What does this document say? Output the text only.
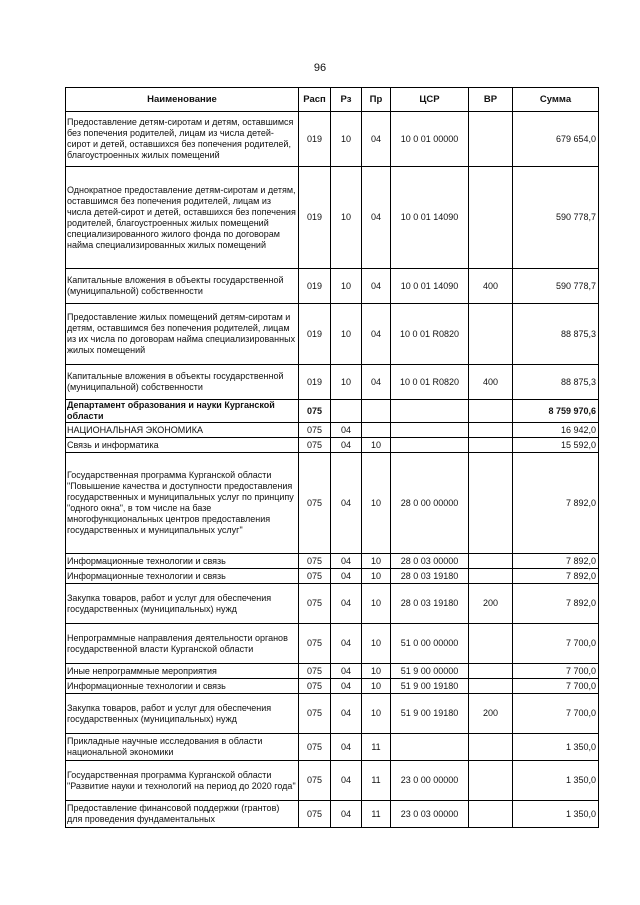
96
Наименование	Расп	Рз	Пр	ЦСР	ВР	Сумма
Предоставление детям-сиротам и детям, оставшимся без попечения родителей, лицам из числа детей-сирот и детей, оставшихся без попечения родителей, благоустроенных жилых помещений	019	10	04	10 0 01 00000		679 654,0
Однократное предоставление детям-сиротам и детям, оставшимся без попечения родителей, лицам из числа детей-сирот и детей, оставшихся без попечения родителей, благоустроенных жилых помещений специализированного жилого фонда по договорам найма специализированных жилых помещений	019	10	04	10 0 01 14090		590 778,7
Капитальные вложения в объекты государственной (муниципальной) собственности	019	10	04	10 0 01 14090	400	590 778,7
Предоставление жилых помещений детям-сиротам и детям, оставшимся без попечения родителей, лицам из их числа по договорам найма специализированных жилых помещений	019	10	04	10 0 01 R0820		88 875,3
Капитальные вложения в объекты государственной (муниципальной) собственности	019	10	04	10 0 01 R0820	400	88 875,3
Департамент образования и науки Курганской области	075					8 759 970,6
НАЦИОНАЛЬНАЯ ЭКОНОМИКА	075	04				16 942,0
Связь и информатика	075	04	10			15 592,0
Государственная программа Курганской области "Повышение качества и доступности предоставления государственных и муниципальных услуг по принципу "одного окна", в том числе на базе многофункциональных центров предоставления государственных и муниципальных услуг"	075	04	10	28 0 00 00000		7 892,0
Информационные технологии и связь	075	04	10	28 0 03 00000		7 892,0
Информационные технологии и связь	075	04	10	28 0 03 19180		7 892,0
Закупка товаров, работ и услуг для обеспечения государственных (муниципальных) нужд	075	04	10	28 0 03 19180	200	7 892,0
Непрограммные направления деятельности органов государственной власти Курганской области	075	04	10	51 0 00 00000		7 700,0
Иные непрограммные мероприятия	075	04	10	51 9 00 00000		7 700,0
Информационные технологии и связь	075	04	10	51 9 00 19180		7 700,0
Закупка товаров, работ и услуг для обеспечения государственных (муниципальных) нужд	075	04	10	51 9 00 19180	200	7 700,0
Прикладные научные исследования в области национальной экономики	075	04	11			1 350,0
Государственная программа Курганской области "Развитие науки и технологий на период до 2020 года"	075	04	11	23 0 00 00000		1 350,0
Предоставление финансовой поддержки (грантов) для проведения фундаментальных	075	04	11	23 0 03 00000		1 350,0
